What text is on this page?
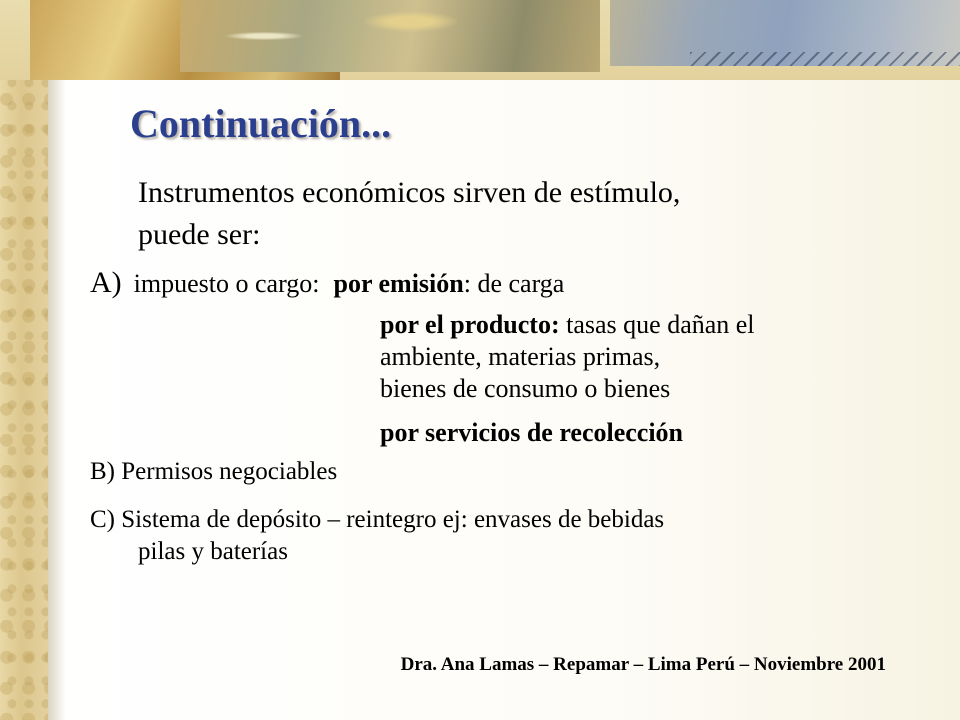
Continuación...

Instrumentos económicos sirven de estímulo,

puede ser:

A) impuesto o cargo: por emisión: de carga

por el producto: tasas que dañan el

ambiente, materias primas,

bienes de consumo o bienes

por servicios de recolección

B) Permisos negociables

C) Sistema de depósito – reintegro ej: envases de bebidas

pilas y baterías

Dra. Ana Lamas – Repamar – Lima Perú – Noviembre 2001
